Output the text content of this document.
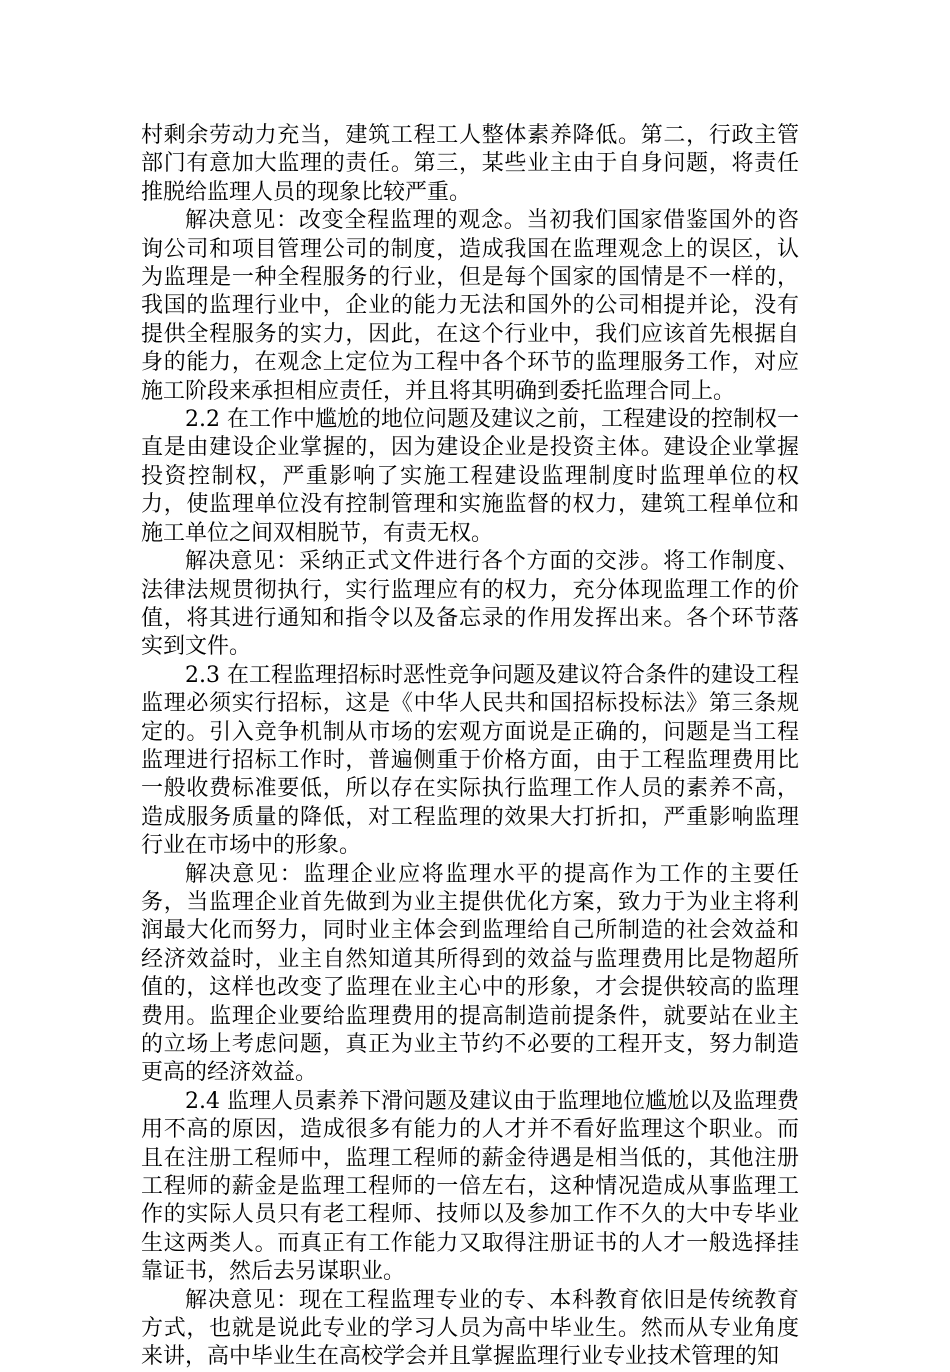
村剩余劳动力充当，建筑工程工人整体素养降低。第二，行政主管部门有意加大监理的责任。第三，某些业主由于自身问题，将责任推脱给监理人员的现象比较严重。

解决意见：改变全程监理的观念。当初我们国家借鉴国外的咨询公司和项目管理公司的制度，造成我国在监理观念上的误区，认为监理是一种全程服务的行业，但是每个国家的国情是不一样的，我国的监理行业中，企业的能力无法和国外的公司相提并论，没有提供全程服务的实力，因此，在这个行业中，我们应该首先根据自身的能力，在观念上定位为工程中各个环节的监理服务工作，对应施工阶段来承担相应责任，并且将其明确到委托监理合同上。

2.2 在工作中尴尬的地位问题及建议之前，工程建设的控制权一直是由建设企业掌握的，因为建设企业是投资主体。建设企业掌握投资控制权，严重影响了实施工程建设监理制度时监理单位的权力，使监理单位没有控制管理和实施监督的权力，建筑工程单位和施工单位之间双相脱节，有责无权。

解决意见：采纳正式文件进行各个方面的交涉。将工作制度、法律法规贯彻执行，实行监理应有的权力，充分体现监理工作的价值，将其进行通知和指令以及备忘录的作用发挥出来。各个环节落实到文件。

2.3 在工程监理招标时恶性竞争问题及建议符合条件的建设工程监理必须实行招标，这是《中华人民共和国招标投标法》第三条规定的。引入竞争机制从市场的宏观方面说是正确的，问题是当工程监理进行招标工作时，普遍侧重于价格方面，由于工程监理费用比一般收费标准要低，所以存在实际执行监理工作人员的素养不高，造成服务质量的降低，对工程监理的效果大打折扣，严重影响监理行业在市场中的形象。

解决意见：监理企业应将监理水平的提高作为工作的主要任务，当监理企业首先做到为业主提供优化方案，致力于为业主将利润最大化而努力，同时业主体会到监理给自己所制造的社会效益和经济效益时，业主自然知道其所得到的效益与监理费用比是物超所值的，这样也改变了监理在业主心中的形象，才会提供较高的监理费用。监理企业要给监理费用的提高制造前提条件，就要站在业主的立场上考虑问题，真正为业主节约不必要的工程开支，努力制造更高的经济效益。

2.4 监理人员素养下滑问题及建议由于监理地位尴尬以及监理费用不高的原因，造成很多有能力的人才并不看好监理这个职业。而且在注册工程师中，监理工程师的薪金待遇是相当低的，其他注册工程师的薪金是监理工程师的一倍左右，这种情况造成从事监理工作的实际人员只有老工程师、技师以及参加工作不久的大中专毕业生这两类人。而真正有工作能力又取得注册证书的人才一般选择挂靠证书，然后去另谋职业。

解决意见：现在工程监理专业的专、本科教育依旧是传统教育方式，也就是说此专业的学习人员为高中毕业生。然而从专业角度来讲，高中毕业生在高校学会并且掌握监理行业专业技术管理的知
